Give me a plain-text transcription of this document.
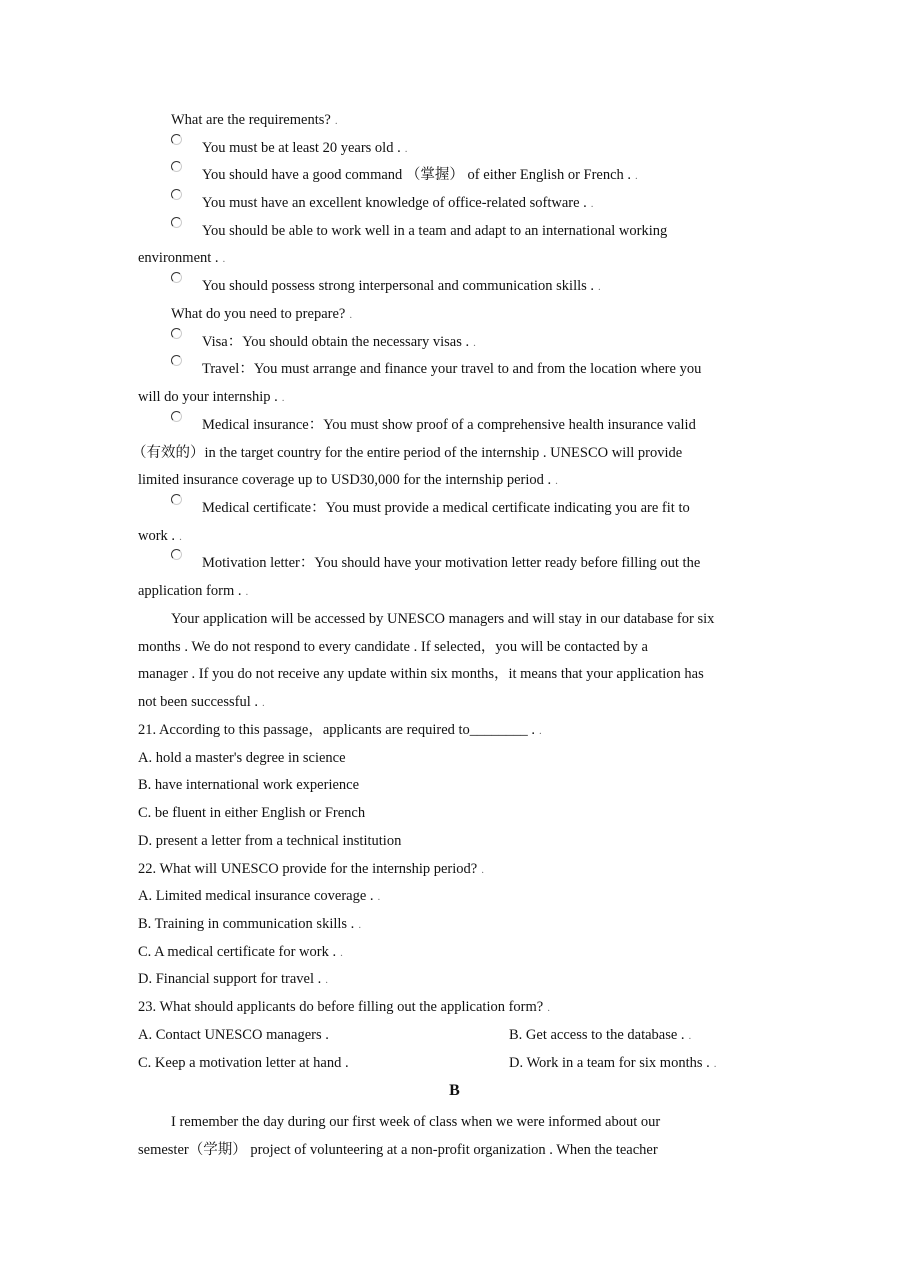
What are the requirements? .
You must be at least 20 years old . .
You should have a good command （掌握） of either English or French . .
You must have an excellent knowledge of office-related software . .
You should be able to work well in a team and adapt to an international working
environment . .
You should possess strong interpersonal and communication skills . .
What do you need to prepare? .
Visa：You should obtain the necessary visas . .
Travel：You must arrange and finance your travel to and from the location where you
will do your internship . .
Medical insurance：You must show proof of a comprehensive health insurance valid
（有效的）in the target country for the entire period of the internship . UNESCO will provide
limited insurance coverage up to USD30,000 for the internship period . .
Medical certificate：You must provide a medical certificate indicating you are fit to
work . .
Motivation letter：You should have your motivation letter ready before filling out the
application form . .
Your application will be accessed by UNESCO managers and will stay in our database for six
months . We do not respond to every candidate . If selected，you will be contacted by a
manager . If you do not receive any update within six months，it means that your application has
not been successful . .
21. According to this passage，applicants are required to________ . .
A. hold a master's degree in science
B. have international work experience
C. be fluent in either English or French
D. present a letter from a technical institution
22. What will UNESCO provide for the internship period? .
A. Limited medical insurance coverage . .
B. Training in communication skills . .
C. A medical certificate for work . .
D. Financial support for travel . .
23. What should applicants do before filling out the application form? .
A. Contact UNESCO managers .	B. Get access to the database . .
C. Keep a motivation letter at hand .	D. Work in a team for six months . .
B
I remember the day during our first week of class when we were informed about our
semester（学期） project of volunteering at a non-profit organization . When the teacher
